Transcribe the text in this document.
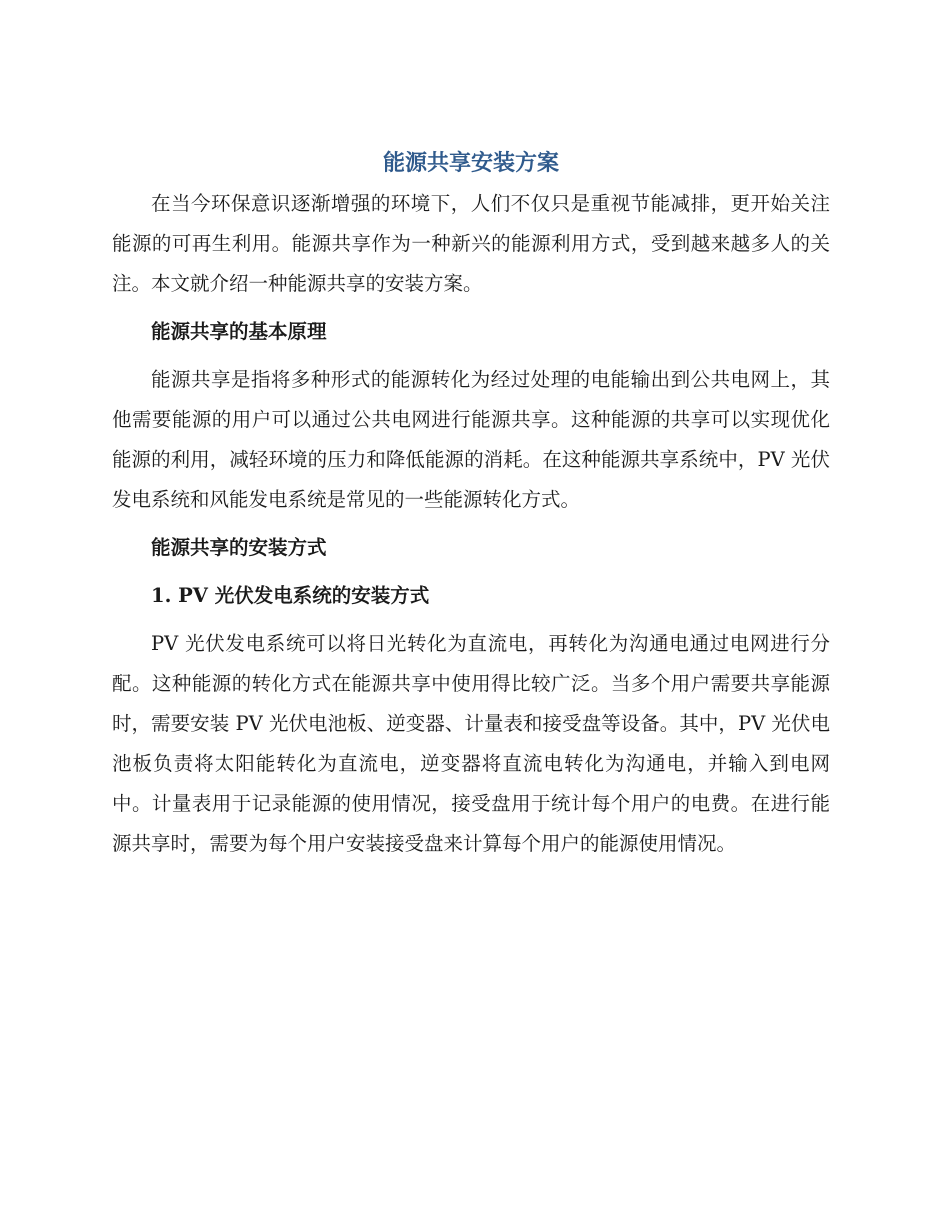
能源共享安装方案

在当今环保意识逐渐增强的环境下，人们不仅只是重视节能减排，更开始关注能源的可再生利用。能源共享作为一种新兴的能源利用方式，受到越来越多人的关注。本文就介绍一种能源共享的安装方案。

能源共享的基本原理

能源共享是指将多种形式的能源转化为经过处理的电能输出到公共电网上，其他需要能源的用户可以通过公共电网进行能源共享。这种能源的共享可以实现优化能源的利用，减轻环境的压力和降低能源的消耗。在这种能源共享系统中，PV 光伏发电系统和风能发电系统是常见的一些能源转化方式。

能源共享的安装方式

1. PV 光伏发电系统的安装方式

PV 光伏发电系统可以将日光转化为直流电，再转化为沟通电通过电网进行分配。这种能源的转化方式在能源共享中使用得比较广泛。当多个用户需要共享能源时，需要安装 PV 光伏电池板、逆变器、计量表和接受盘等设备。其中，PV 光伏电池板负责将太阳能转化为直流电，逆变器将直流电转化为沟通电，并输入到电网中。计量表用于记录能源的使用情况，接受盘用于统计每个用户的电费。在进行能源共享时，需要为每个用户安装接受盘来计算每个用户的能源使用情况。
